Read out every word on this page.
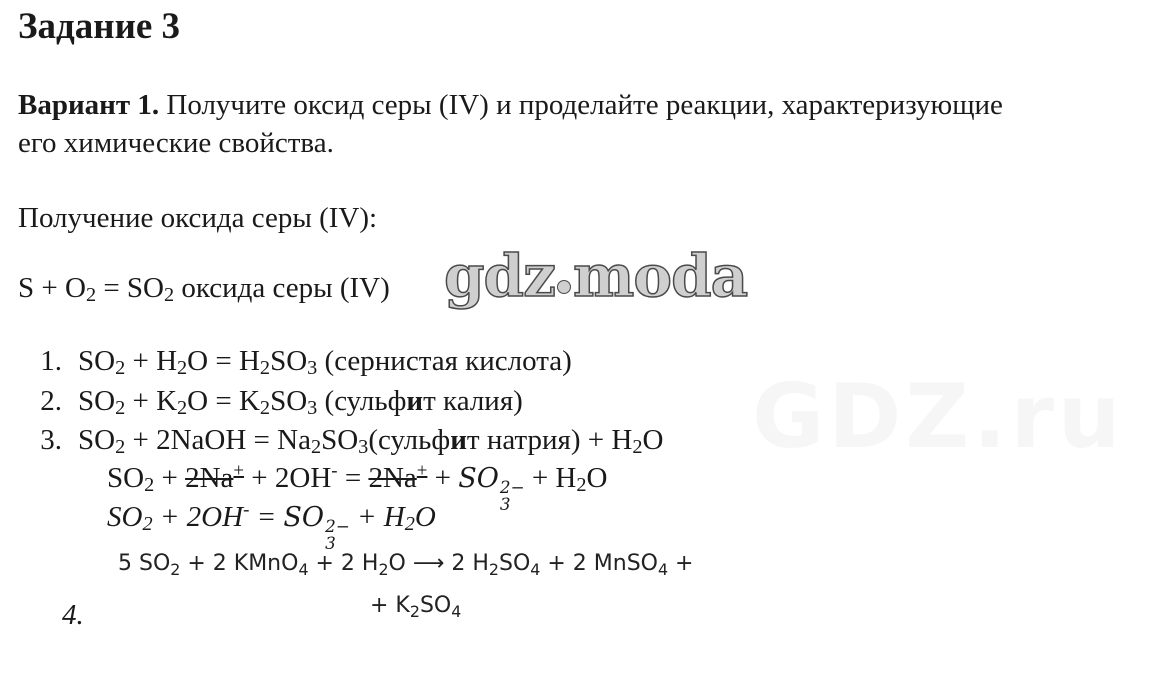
Задание 3
Вариант 1. Получите оксид серы (IV) и проделайте реакции, характеризующие
его химические свойства.
Получение оксида серы (IV):
S + O2 = SO2 оксида серы (IV) gdz moda
GDZ.ru
1. SO2 + H2O = H2SO3 (сернистая кислота)
2. SO2 + K2O = K2SO3 (сульфит калия)
3. SO2 + 2NaOH = Na2SO3(сульфит натрия) + H2O
SO2 + 2Na+ + 2OH- = 2Na+ + SO 2−
3
+ H2O
SO2 + 2OH- = SO 2−
3
+ H2O
5 $SO_2 + 2$ KMnO$_4$ + 2 $H_2O$ ⟶ 2 $H_2SO_4 + 2$ MnSO$_4$ +
+ $K_2SO_4$
4.
